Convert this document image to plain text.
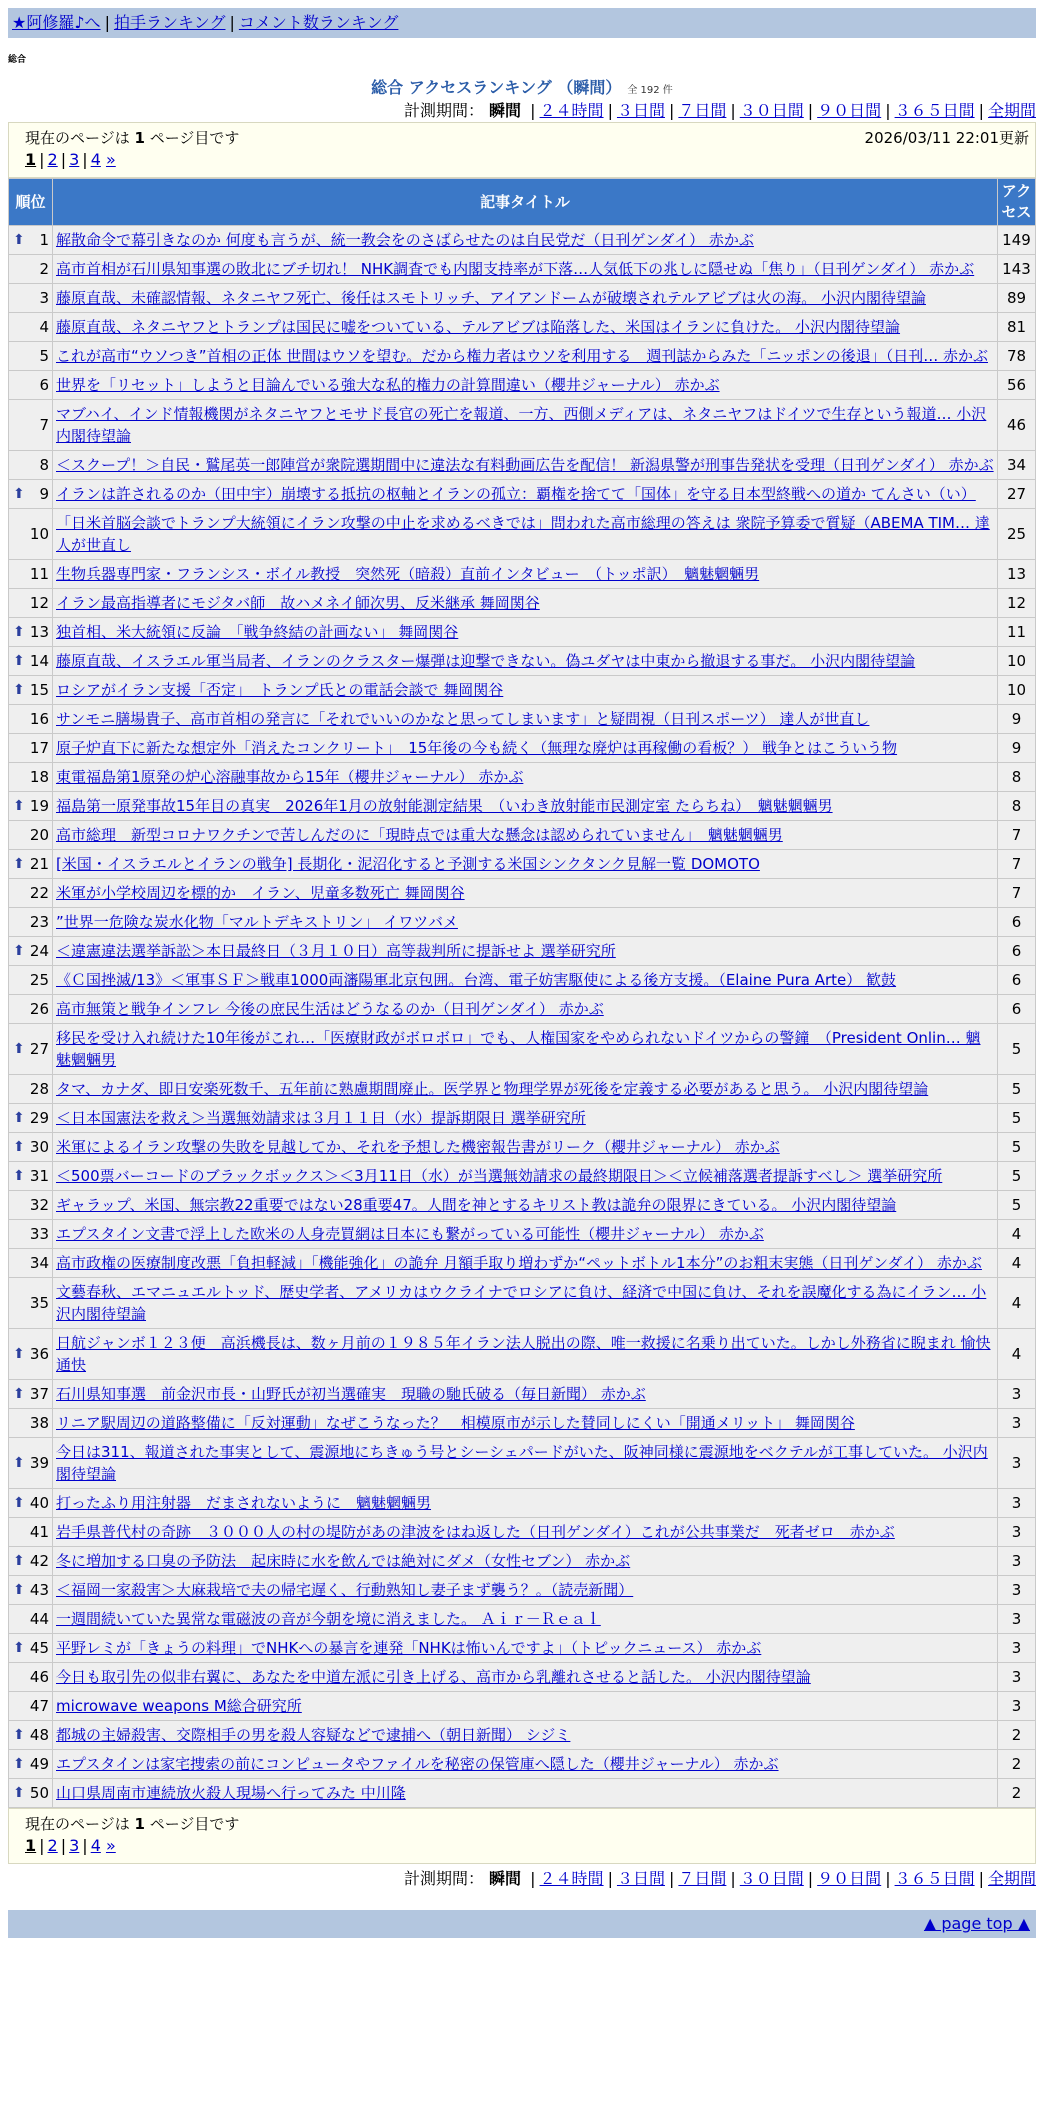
★阿修羅♪へ | 拍手ランキング | コメント数ランキング
総合
総合 アクセスランキング （瞬間） 全 192 件
計測期間： 瞬間 | ２４時間 | ３日間 | ７日間 | ３０日間 | ９０日間 | ３６５日間 | 全期間
現在のページは 1 ページ目です	2026/03/11 22:01更新
1 | 2 | 3 | 4 »
順位	記事タイトル	アクセス

⬆ 1	解散命令で幕引きなのか 何度も言うが、統一教会をのさばらせたのは自民党だ（日刊ゲンダイ） 赤かぶ	149
2	高市首相が石川県知事選の敗北にブチ切れ！ NHK調査でも内閣支持率が下落…人気低下の兆しに隠せぬ「焦り」（日刊ゲンダイ） 赤かぶ	143
3	藤原直哉、未確認情報、ネタニヤフ死亡、後任はスモトリッチ、アイアンドームが破壊されテルアビブは火の海。 小沢内閣待望論	89
4	藤原直哉、ネタニヤフとトランプは国民に嘘をついている、テルアビブは陥落した、米国はイランに負けた。 小沢内閣待望論	81
5	これが高市“ウソつき”首相の正体 世間はウソを望む。だから権力者はウソを利用する　週刊誌からみた「ニッポンの後退」（日刊… 赤かぶ	78
6	世界を「リセット」しようと目論んでいる強大な私的権力の計算間違い（櫻井ジャーナル） 赤かぶ	56
7	マブハイ、インド情報機関がネタニヤフとモサド長官の死亡を報道、一方、西側メディアは、ネタニヤフはドイツで生存という報道… 小沢内閣待望論	46
8	＜スクープ！＞自民・鷲尾英一郎陣営が衆院選期間中に違法な有料動画広告を配信！ 新潟県警が刑事告発状を受理（日刊ゲンダイ） 赤かぶ	34

⬆ 9	イランは許されるのか（田中宇）崩壊する抵抗の枢軸とイランの孤立：覇権を捨てて「国体」を守る日本型終戦への道か てんさい（い）	27
10	「日米首脳会談でトランプ大統領にイラン攻撃の中止を求めるべきでは」問われた高市総理の答えは 衆院予算委で質疑（ABEMA TIM… 達人が世直し	25
11	生物兵器専門家・フランシス・ボイル教授　突然死（暗殺）直前インタビュー　（トッポ訳）　魑魅魍魎男	13
12	イラン最高指導者にモジタバ師　故ハメネイ師次男、反米継承 舞岡関谷	12

⬆ 13	独首相、米大統領に反論　「戦争終結の計画ない」 舞岡関谷	11

⬆ 14	藤原直哉、イスラエル軍当局者、イランのクラスター爆弾は迎撃できない。偽ユダヤは中東から撤退する事だ。 小沢内閣待望論	10

⬆ 15	ロシアがイラン支援「否定」　トランプ氏との電話会談で 舞岡関谷	10
16	サンモニ膳場貴子、高市首相の発言に「それでいいのかなと思ってしまいます」と疑問視（日刊スポーツ） 達人が世直し	9
17	原子炉直下に新たな想定外「消えたコンクリート」　15年後の今も続く（無理な廃炉は再稼働の看板？） 戦争とはこういう物	9
18	東電福島第1原発の炉心溶融事故から15年（櫻井ジャーナル） 赤かぶ	8

⬆ 19	福島第一原発事故15年目の真実　2026年1月の放射能測定結果　（いわき放射能市民測定室 たらちね）　魑魅魍魎男	8
20	高市総理　新型コロナワクチンで苦しんだのに「現時点では重大な懸念は認められていません」　魑魅魍魎男	7

⬆ 21	[米国・イスラエルとイランの戦争] 長期化・泥沼化すると予測する米国シンクタンク見解一覧 DOMOTO	7
22	米軍が小学校周辺を標的か　イラン、児童多数死亡 舞岡関谷	7
23	”世界一危険な炭水化物「マルトデキストリン」 イワツバメ	6

⬆ 24	＜違憲違法選挙訴訟＞本日最終日（３月１０日）高等裁判所に提訴せよ 選挙研究所	6
25	《Ｃ国挫滅/13》＜軍事ＳＦ＞戦車1000両瀋陽軍北京包囲。台湾、電子妨害駆使による後方支援。（Elaine Pura Arte） 歓鼓	6
26	高市無策と戦争インフレ 今後の庶民生活はどうなるのか（日刊ゲンダイ） 赤かぶ	6

⬆ 27	移民を受け入れ続けた10年後がこれ…「医療財政がボロボロ」でも、人権国家をやめられないドイツからの警鐘　（President Onlin… 魑魅魍魎男	5
28	タマ、カナダ、即日安楽死数千、五年前に熟慮期間廃止。医学界と物理学界が死後を定義する必要があると思う。 小沢内閣待望論	5

⬆ 29	＜日本国憲法を救え＞当選無効請求は３月１１日（水）提訴期限日 選挙研究所	5

⬆ 30	米軍によるイラン攻撃の失敗を見越してか、それを予想した機密報告書がリーク（櫻井ジャーナル） 赤かぶ	5

⬆ 31	＜500票バーコードのブラックボックス＞＜3月11日（水）が当選無効請求の最終期限日＞＜立候補落選者提訴すべし＞ 選挙研究所	5
32	ギャラップ、米国、無宗教22重要ではない28重要47。人間を神とするキリスト教は詭弁の限界にきている。 小沢内閣待望論	5
33	エプスタイン文書で浮上した欧米の人身売買網は日本にも繋がっている可能性（櫻井ジャーナル） 赤かぶ	4
34	高市政権の医療制度改悪「負担軽減」「機能強化」の詭弁 月額手取り増わずか“ペットボトル1本分”のお粗末実態（日刊ゲンダイ） 赤かぶ	4
35	文藝春秋、エマニュエルトッド、歴史学者、アメリカはウクライナでロシアに負け、経済で中国に負け、それを誤魔化する為にイラン… 小沢内閣待望論	4

⬆ 36	日航ジャンボ１２３便　高浜機長は、数ヶ月前の１９８５年イラン法人脱出の際、唯一救援に名乗り出ていた。しかし外務省に睨まれ 愉快通快	4

⬆ 37	石川県知事選　前金沢市長・山野氏が初当選確実　現職の馳氏破る（毎日新聞） 赤かぶ	3
38	リニア駅周辺の道路整備に「反対運動」なぜこうなった？　相模原市が示した賛同しにくい「開通メリット」 舞岡関谷	3

⬆ 39	今日は311、報道された事実として、震源地にちきゅう号とシーシェパードがいた、阪神同様に震源地をベクテルが工事していた。 小沢内閣待望論	3

⬆ 40	打ったふり用注射器　だまされないように　魑魅魍魎男	3
41	岩手県普代村の奇跡　３０００人の村の堤防があの津波をはね返した（日刊ゲンダイ）これが公共事業だ　死者ゼロ　赤かぶ	3

⬆ 42	冬に増加する口臭の予防法　起床時に水を飲んでは絶対にダメ（女性セブン） 赤かぶ	3

⬆ 43	＜福岡一家殺害＞大麻栽培で夫の帰宅遅く、行動熟知し妻子まず襲う？。（読売新聞）	3
44	一週間続いていた異常な電磁波の音が今朝を境に消えました。 Ａｉｒ－Ｒｅａｌ	3

⬆ 45	平野レミが「きょうの料理」でNHKへの暴言を連発「NHKは怖いんですよ」（トピックニュース） 赤かぶ	3
46	今日も取引先の似非右翼に、あなたを中道左派に引き上げる、高市から乳離れさせると話した。 小沢内閣待望論	3
47	microwave weapons M総合研究所	3

⬆ 48	都城の主婦殺害、交際相手の男を殺人容疑などで逮捕へ（朝日新聞） シジミ	2

⬆ 49	エプスタインは家宅捜索の前にコンピュータやファイルを秘密の保管庫へ隠した（櫻井ジャーナル） 赤かぶ	2

⬆ 50	山口県周南市連続放火殺人現場へ行ってみた 中川隆	2
現在のページは 1 ページ目です
1 | 2 | 3 | 4 »
計測期間： 瞬間 | ２４時間 | ３日間 | ７日間 | ３０日間 | ９０日間 | ３６５日間 | 全期間
▲ page top ▲
